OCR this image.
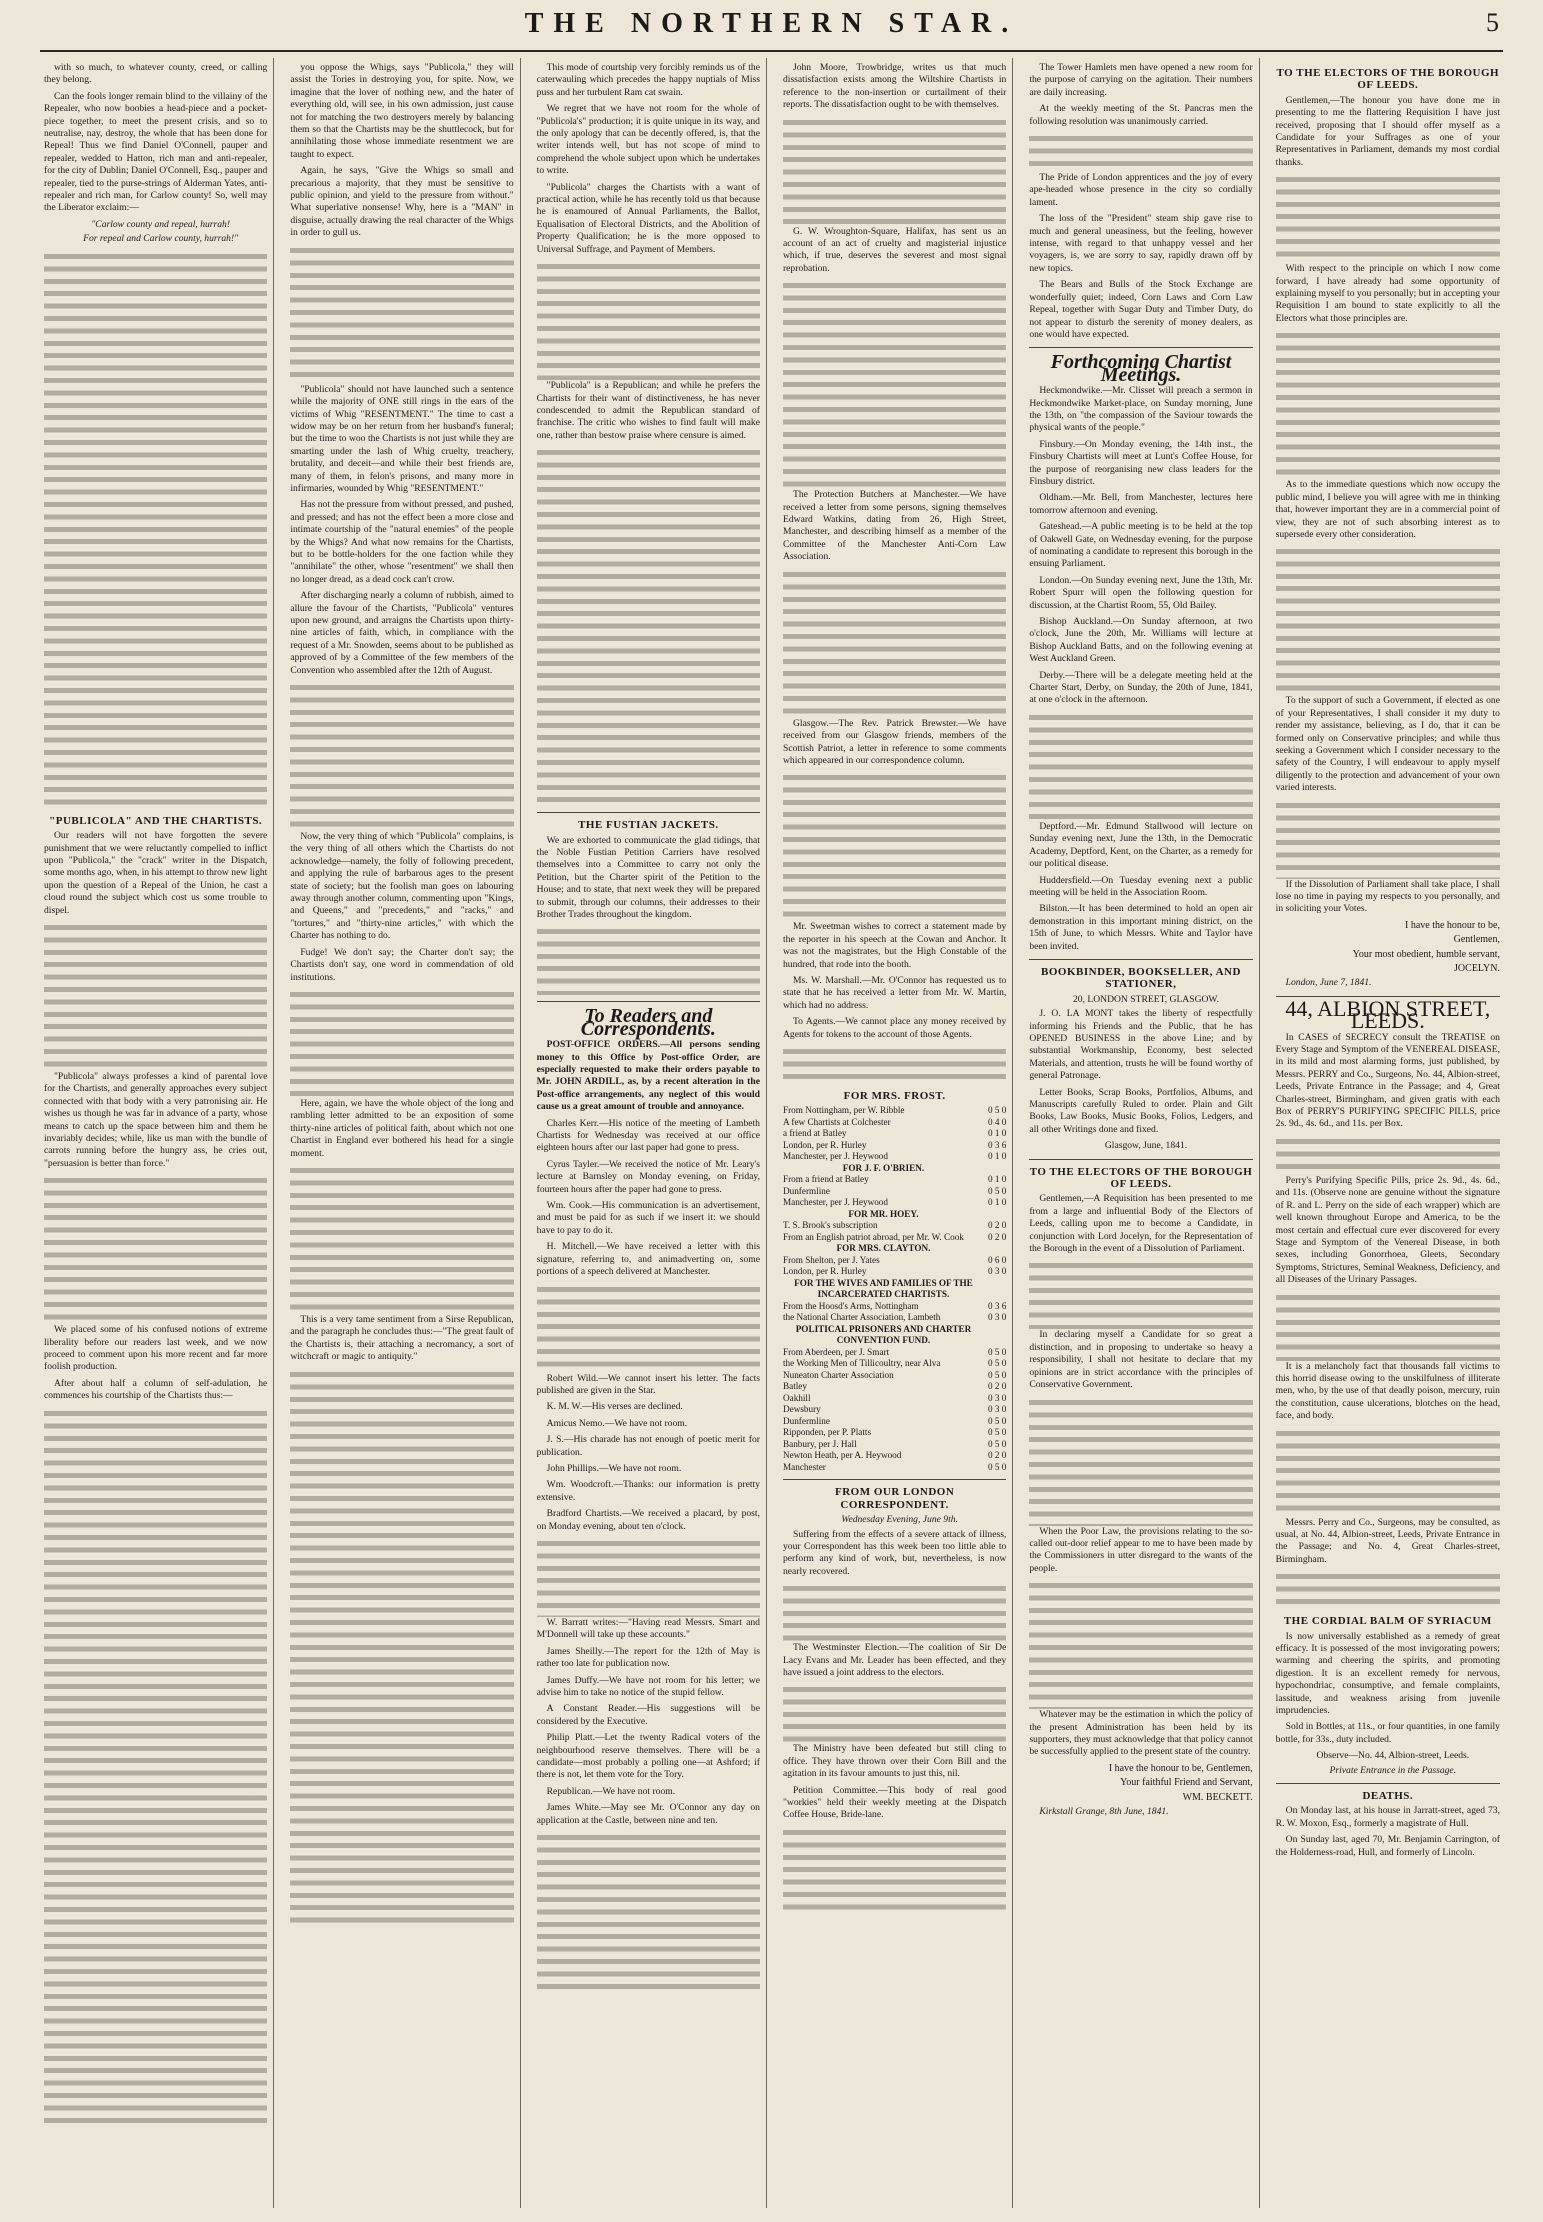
THE NORTHERN STAR.	5

with so much, to whatever county, creed, or calling they belong.

Can the fools longer remain blind to the villainy of the Repealer, who now boobies a head-piece and a pocket-piece together, to meet the present crisis, and so to neutralise, nay, destroy, the whole that has been done for Repeal! Thus we find Daniel O'Connell, pauper and repealer, wedded to Hatton, rich man and anti-repealer, for the city of Dublin; Daniel O'Connell, Esq., pauper and repealer, tied to the purse-strings of Alderman Yates, anti-repealer and rich man, for Carlow county! So, well may the Liberator exclaim:—

"Carlow county and repeal, hurrah!

For repeal and Carlow county, hurrah!"

"PUBLICOLA" AND THE CHARTISTS.

Our readers will not have forgotten the severe punishment that we were reluctantly compelled to inflict upon "Publicola," the "crack" writer in the Dispatch, some months ago, when, in his attempt to throw new light upon the question of a Repeal of the Union, he cast a cloud round the subject which cost us some trouble to dispel.

"Publicola" always professes a kind of parental love for the Chartists, and generally approaches every subject connected with that body with a very patronising air. He wishes us though he was far in advance of a party, whose means to catch up the space between him and them he invariably decides; while, like us man with the bundle of carrots running before the hungry ass, he cries out, "persuasion is better than force."

We placed some of his confused notions of extreme liberality before our readers last week, and we now proceed to comment upon his more recent and far more foolish production.

After about half a column of self-adulation, he commences his courtship of the Chartists thus:—

you oppose the Whigs, says "Publicola," they will assist the Tories in destroying you, for spite. Now, we imagine that the lover of nothing new, and the hater of everything old, will see, in his own admission, just cause not for matching the two destroyers merely by balancing them so that the Chartists may be the shuttlecock, but for annihilating those whose immediate resentment we are taught to expect.

Again, he says, "Give the Whigs so small and precarious a majority, that they must be sensitive to public opinion, and yield to the pressure from without." What superlative nonsense! Why, here is a "MAN" in disguise, actually drawing the real character of the Whigs in order to gull us.

"Publicola" should not have launched such a sentence while the majority of ONE still rings in the ears of the victims of Whig "RESENTMENT." The time to cast a widow may be on her return from her husband's funeral; but the time to woo the Chartists is not just while they are smarting under the lash of Whig cruelty, treachery, brutality, and deceit—and while their best friends are, many of them, in felon's prisons, and many more in infirmaries, wounded by Whig "RESENTMENT."

Has not the pressure from without pressed, and pushed, and pressed; and has not the effect been a more close and intimate courtship of the "natural enemies" of the people by the Whigs? And what now remains for the Chartists, but to be bottle-holders for the one faction while they "annihilate" the other, whose "resentment" we shall then no longer dread, as a dead cock can't crow.

After discharging nearly a column of rubbish, aimed to allure the favour of the Chartists, "Publicola" ventures upon new ground, and arraigns the Chartists upon thirty-nine articles of faith, which, in compliance with the request of a Mr. Snowden, seems about to be published as approved of by a Committee of the few members of the Convention who assembled after the 12th of August.

Now, the very thing of which "Publicola" complains, is the very thing of all others which the Chartists do not acknowledge—namely, the folly of following precedent, and applying the rule of barbarous ages to the present state of society; but the foolish man goes on labouring away through another column, commenting upon "Kings, and Queens," and "precedents," and "racks," and "tortures," and "thirty-nine articles," with which the Charter has nothing to do.

Fudge! We don't say; the Charter don't say; the Chartists don't say, one word in commendation of old institutions.

Here, again, we have the whole object of the long and rambling letter admitted to be an exposition of some thirty-nine articles of political faith, about which not one Chartist in England ever bothered his head for a single moment.

This is a very tame sentiment from a Sirse Republican, and the paragraph he concludes thus:—"The great fault of the Chartists is, their attaching a necromancy, a sort of witchcraft or magic to antiquity."

This mode of courtship very forcibly reminds us of the caterwauling which precedes the happy nuptials of Miss puss and her turbulent Ram cat swain.

We regret that we have not room for the whole of "Publicola's" production; it is quite unique in its way, and the only apology that can be decently offered, is, that the writer intends well, but has not scope of mind to comprehend the whole subject upon which he undertakes to write.

"Publicola" charges the Chartists with a want of practical action, while he has recently told us that because he is enamoured of Annual Parliaments, the Ballot, Equalisation of Electoral Districts, and the Abolition of Property Qualification; he is the more opposed to Universal Suffrage, and Payment of Members.

"Publicola" is a Republican; and while he prefers the Chartists for their want of distinctiveness, he has never condescended to admit the Republican standard of franchise. The critic who wishes to find fault will make one, rather than bestow praise where censure is aimed.

THE FUSTIAN JACKETS.

We are exhorted to communicate the glad tidings, that the Noble Fustian Petition Carriers have resolved themselves into a Committee to carry not only the Petition, but the Charter spirit of the Petition to the House; and to state, that next week they will be prepared to submit, through our columns, their addresses to their Brother Trades throughout the kingdom.

To Readers and Correspondents.

POST-OFFICE ORDERS.—All persons sending money to this Office by Post-office Order, are especially requested to make their orders payable to Mr. JOHN ARDILL, as, by a recent alteration in the Post-office arrangements, any neglect of this would cause us a great amount of trouble and annoyance.

Charles Kerr.—His notice of the meeting of Lambeth Chartists for Wednesday was received at our office eighteen hours after our last paper had gone to press.

Cyrus Tayler.—We received the notice of Mr. Leary's lecture at Barnsley on Monday evening, on Friday, fourteen hours after the paper had gone to press.

Wm. Cook.—His communication is an advertisement, and must be paid for as such if we insert it: we should have to pay to do it.

H. Mitchell.—We have received a letter with this signature, referring to, and animadverting on, some portions of a speech delivered at Manchester.

Robert Wild.—We cannot insert his letter. The facts published are given in the Star.

K. M. W.—His verses are declined.

Amicus Nemo.—We have not room.

J. S.—His charade has not enough of poetic merit for publication.

John Phillips.—We have not room.

Wm. Woodcroft.—Thanks: our information is pretty extensive.

Bradford Chartists.—We received a placard, by post, on Monday evening, about ten o'clock.

W. Barratt writes:—"Having read Messrs. Smart and M'Donnell will take up these accounts."

James Sheilly.—The report for the 12th of May is rather too late for publication now.

James Duffy.—We have not room for his letter; we advise him to take no notice of the stupid fellow.

A Constant Reader.—His suggestions will be considered by the Executive.

Philip Platt.—Let the twenty Radical voters of the neighbourhood reserve themselves. There will be a candidate—most probably a polling one—at Ashford; if there is not, let them vote for the Tory.

Republican.—We have not room.

James White.—May see Mr. O'Connor any day on application at the Castle, between nine and ten.

John Moore, Trowbridge, writes us that much dissatisfaction exists among the Wiltshire Chartists in reference to the non-insertion or curtailment of their reports. The dissatisfaction ought to be with themselves.

G. W. Wroughton-Square, Halifax, has sent us an account of an act of cruelty and magisterial injustice which, if true, deserves the severest and most signal reprobation.

The Protection Butchers at Manchester.—We have received a letter from some persons, signing themselves Edward Watkins, dating from 26, High Street, Manchester, and describing himself as a member of the Committee of the Manchester Anti-Corn Law Association.

Glasgow.—The Rev. Patrick Brewster.—We have received from our Glasgow friends, members of the Scottish Patriot, a letter in reference to some comments which appeared in our correspondence column.

Mr. Sweetman wishes to correct a statement made by the reporter in his speech at the Cowan and Anchor. It was not the magistrates, but the High Constable of the hundred, that rode into the booth.

Ms. W. Marshall.—Mr. O'Connor has requested us to state that he has received a letter from Mr. W. Martin, which had no address.

To Agents.—We cannot place any money received by Agents for tokens to the account of those Agents.

FOR MRS. FROST.
From Nottingham, per W. Ribble	0 5 0
A few Chartists at Colchester	0 4 0
a friend at Batley	0 1 0
London, per R. Hurley	0 3 6
Manchester, per J. Heywood	0 1 0
FOR J. F. O'BRIEN.	
From a friend at Batley	0 1 0
Dunfermline	0 5 0
Manchester, per J. Heywood	0 1 0
FOR MR. HOEY.	
T. S. Brook's subscription	0 2 0
From an English patriot abroad, per Mr. W. Cook	0 2 0
FOR MRS. CLAYTON.	
From Shelton, per J. Yates	0 6 0
London, per R. Hurley	0 3 0
FOR THE WIVES AND FAMILIES OF THE INCARCERATED CHARTISTS.	
From the Hoosd's Arms, Nottingham	0 3 6
the National Charter Association, Lambeth	0 3 0
POLITICAL PRISONERS AND CHARTER CONVENTION FUND.	
From Aberdeen, per J. Smart	0 5 0
the Working Men of Tillicoultry, near Alva	0 5 0
Nuneaton Charter Association	0 5 0
Batley	0 2 0
Oakhill	0 3 0
Dewsbury	0 3 0
Dunfermline	0 5 0
Ripponden, per P. Platts	0 5 0
Banbury, per J. Hall	0 5 0
Newton Heath, per A. Heywood	0 2 0
Manchester	0 5 0
FROM OUR LONDON CORRESPONDENT.

Wednesday Evening, June 9th.

Suffering from the effects of a severe attack of illness, your Correspondent has this week been too little able to perform any kind of work, but, nevertheless, is now nearly recovered.

The Westminster Election.—The coalition of Sir De Lacy Evans and Mr. Leader has been effected, and they have issued a joint address to the electors.

The Ministry have been defeated but still cling to office. They have thrown over their Corn Bill and the agitation in its favour amounts to just this, nil.

Petition Committee.—This body of real good "workies" held their weekly meeting at the Dispatch Coffee House, Bride-lane.

The Tower Hamlets men have opened a new room for the purpose of carrying on the agitation. Their numbers are daily increasing.

At the weekly meeting of the St. Pancras men the following resolution was unanimously carried.

The Pride of London apprentices and the joy of every ape-headed whose presence in the city so cordially lament.

The loss of the "President" steam ship gave rise to much and general uneasiness, but the feeling, however intense, with regard to that unhappy vessel and her voyagers, is, we are sorry to say, rapidly drawn off by new topics.

The Bears and Bulls of the Stock Exchange are wonderfully quiet; indeed, Corn Laws and Corn Law Repeal, together with Sugar Duty and Timber Duty, do not appear to disturb the serenity of money dealers, as one would have expected.

Forthcoming Chartist Meetings.

Heckmondwike.—Mr. Clisset will preach a sermon in Heckmondwike Market-place, on Sunday morning, June the 13th, on "the compassion of the Saviour towards the physical wants of the people."

Finsbury.—On Monday evening, the 14th inst., the Finsbury Chartists will meet at Lunt's Coffee House, for the purpose of reorganising new class leaders for the Finsbury district.

Oldham.—Mr. Bell, from Manchester, lectures here tomorrow afternoon and evening.

Gateshead.—A public meeting is to be held at the top of Oakwell Gate, on Wednesday evening, for the purpose of nominating a candidate to represent this borough in the ensuing Parliament.

London.—On Sunday evening next, June the 13th, Mr. Robert Spurr will open the following question for discussion, at the Chartist Room, 55, Old Bailey.

Bishop Auckland.—On Sunday afternoon, at two o'clock, June the 20th, Mr. Williams will lecture at Bishop Auckland Batts, and on the following evening at West Auckland Green.

Derby.—There will be a delegate meeting held at the Charter Start, Derby, on Sunday, the 20th of June, 1841, at one o'clock in the afternoon.

Deptford.—Mr. Edmund Stallwood will lecture on Sunday evening next, June the 13th, in the Democratic Academy, Deptford, Kent, on the Charter, as a remedy for our political disease.

Huddersfield.—On Tuesday evening next a public meeting will be held in the Association Room.

Bilston.—It has been determined to hold an open air demonstration in this important mining district, on the 15th of June, to which Messrs. White and Taylor have been invited.

BOOKBINDER, BOOKSELLER, AND STATIONER,

20, LONDON STREET, GLASGOW.

J. O. LA MONT takes the liberty of respectfully informing his Friends and the Public, that he has OPENED BUSINESS in the above Line; and by substantial Workmanship, Economy, best selected Materials, and attention, trusts he will be found worthy of general Patronage.

Letter Books, Scrap Books, Portfolios, Albums, and Manuscripts carefully Ruled to order. Plain and Gilt Books, Law Books, Music Books, Folios, Ledgers, and all other Writings done and fixed.

Glasgow, June, 1841.

TO THE ELECTORS OF THE BOROUGH OF LEEDS.

Gentlemen,—A Requisition has been presented to me from a large and influential Body of the Electors of Leeds, calling upon me to become a Candidate, in conjunction with Lord Jocelyn, for the Representation of the Borough in the event of a Dissolution of Parliament.

In declaring myself a Candidate for so great a distinction, and in proposing to undertake so heavy a responsibility, I shall not hesitate to declare that my opinions are in strict accordance with the principles of Conservative Government.

When the Poor Law, the provisions relating to the so-called out-door relief appear to me to have been made by the Commissioners in utter disregard to the wants of the people.

Whatever may be the estimation in which the policy of the present Administration has been held by its supporters, they must acknowledge that that policy cannot be successfully applied to the present state of the country.

I have the honour to be, Gentlemen,

Your faithful Friend and Servant,

WM. BECKETT.

Kirkstall Grange, 8th June, 1841.

TO THE ELECTORS OF THE BOROUGH OF LEEDS.

Gentlemen,—The honour you have done me in presenting to me the flattering Requisition I have just received, proposing that I should offer myself as a Candidate for your Suffrages as one of your Representatives in Parliament, demands my most cordial thanks.

With respect to the principle on which I now come forward, I have already had some opportunity of explaining myself to you personally; but in accepting your Requisition I am bound to state explicitly to all the Electors what those principles are.

As to the immediate questions which now occupy the public mind, I believe you will agree with me in thinking that, however important they are in a commercial point of view, they are not of such absorbing interest as to supersede every other consideration.

To the support of such a Government, if elected as one of your Representatives, I shall consider it my duty to render my assistance, believing, as I do, that it can be formed only on Conservative principles; and while thus seeking a Government which I consider necessary to the safety of the Country, I will endeavour to apply myself diligently to the protection and advancement of your own varied interests.

If the Dissolution of Parliament shall take place, I shall lose no time in paying my respects to you personally, and in soliciting your Votes.

I have the honour to be,

Gentlemen,

Your most obedient, humble servant,

JOCELYN.

London, June 7, 1841.

44, ALBION STREET, LEEDS.

In CASES of SECRECY consult the TREATISE on Every Stage and Symptom of the VENEREAL DISEASE, in its mild and most alarming forms, just published, by Messrs. PERRY and Co., Surgeons, No. 44, Albion-street, Leeds, Private Entrance in the Passage; and 4, Great Charles-street, Birmingham, and given gratis with each Box of PERRY'S PURIFYING SPECIFIC PILLS, price 2s. 9d., 4s. 6d., and 11s. per Box.

Perry's Purifying Specific Pills, price 2s. 9d., 4s. 6d., and 11s. (Observe none are genuine without the signature of R. and L. Perry on the side of each wrapper) which are well known throughout Europe and America, to be the most certain and effectual cure ever discovered for every Stage and Symptom of the Venereal Disease, in both sexes, including Gonorrhoea, Gleets, Secondary Symptoms, Strictures, Seminal Weakness, Deficiency, and all Diseases of the Urinary Passages.

It is a melancholy fact that thousands fall victims to this horrid disease owing to the unskilfulness of illiterate men, who, by the use of that deadly poison, mercury, ruin the constitution, cause ulcerations, blotches on the head, face, and body.

Messrs. Perry and Co., Surgeons, may be consulted, as usual, at No. 44, Albion-street, Leeds, Private Entrance in the Passage; and No. 4, Great Charles-street, Birmingham.

THE CORDIAL BALM OF SYRIACUM

Is now universally established as a remedy of great efficacy. It is possessed of the most invigorating powers; warming and cheering the spirits, and promoting digestion. It is an excellent remedy for nervous, hypochondriac, consumptive, and female complaints, lassitude, and weakness arising from juvenile imprudencies.

Sold in Bottles, at 11s., or four quantities, in one family bottle, for 33s., duty included.

Observe—No. 44, Albion-street, Leeds.

Private Entrance in the Passage.

DEATHS.

On Monday last, at his house in Jarratt-street, aged 73, R. W. Moxon, Esq., formerly a magistrate of Hull.

On Sunday last, aged 70, Mr. Benjamin Carrington, of the Holderness-road, Hull, and formerly of Lincoln.
